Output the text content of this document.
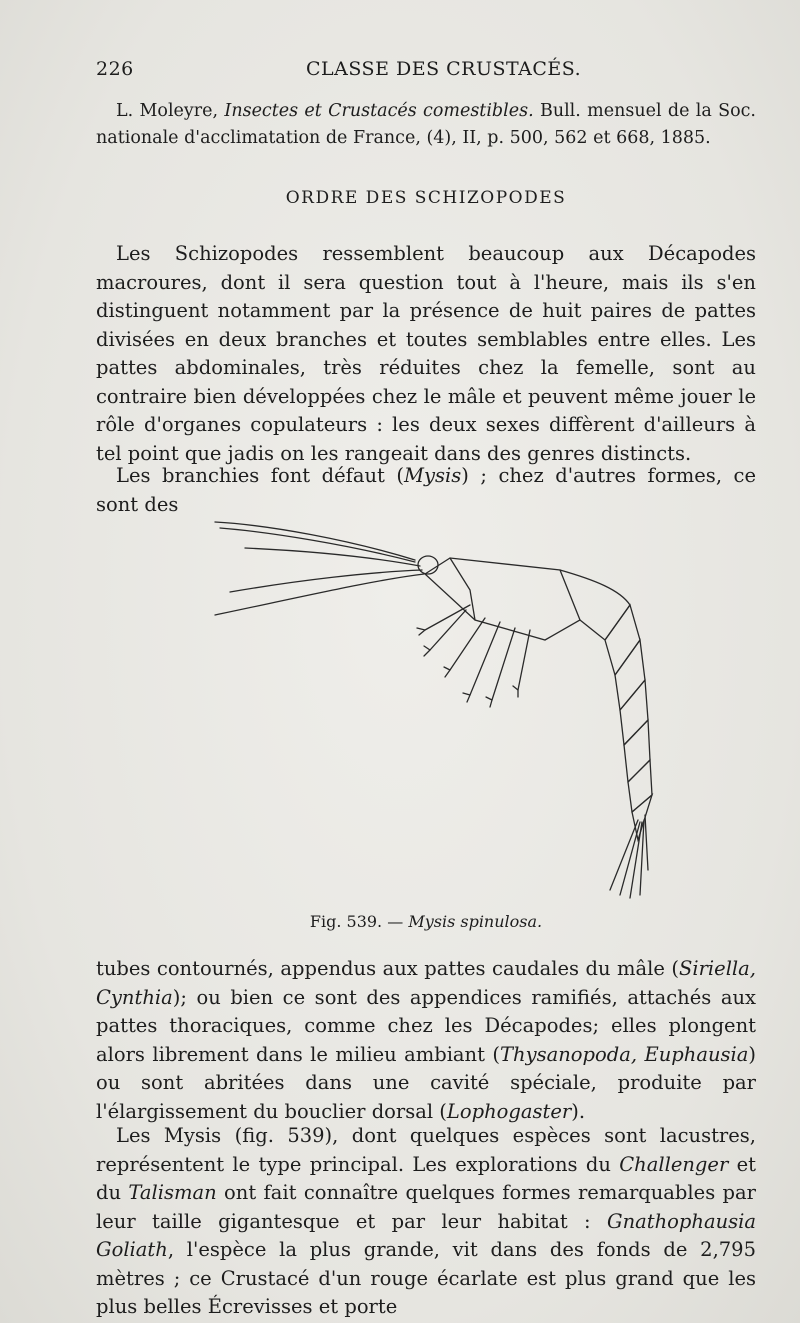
226	CLASSE DES CRUSTACÉS.

L. Moleyre, Insectes et Crustacés comestibles. Bull. mensuel de la Soc. nationale d'acclimatation de France, (4), II, p. 500, 562 et 668, 1885.

ORDRE DES SCHIZOPODES

Les Schizopodes ressemblent beaucoup aux Décapodes macroures, dont il sera question tout à l'heure, mais ils s'en distinguent notamment par la présence de huit paires de pattes divisées en deux branches et toutes semblables entre elles. Les pattes abdominales, très réduites chez la femelle, sont au contraire bien développées chez le mâle et peuvent même jouer le rôle d'organes copulateurs : les deux sexes diffèrent d'ailleurs à tel point que jadis on les rangeait dans des genres distincts.

Les branchies font défaut (Mysis) ; chez d'autres formes, ce sont des

Fig. 539. — Mysis spinulosa.

tubes contournés, appendus aux pattes caudales du mâle (Siriella, Cynthia); ou bien ce sont des appendices ramifiés, attachés aux pattes thoraciques, comme chez les Décapodes; elles plongent alors librement dans le milieu ambiant (Thysanopoda, Euphausia) ou sont abritées dans une cavité spéciale, produite par l'élargissement du bouclier dorsal (Lophogaster).

Les Mysis (fig. 539), dont quelques espèces sont lacustres, représentent le type principal. Les explorations du Challenger et du Talisman ont fait connaître quelques formes remarquables par leur taille gigantesque et par leur habitat : Gnathophausia Goliath, l'espèce la plus grande, vit dans des fonds de 2,795 mètres ; ce Crustacé d'un rouge écarlate est plus grand que les plus belles Écrevisses et porte
